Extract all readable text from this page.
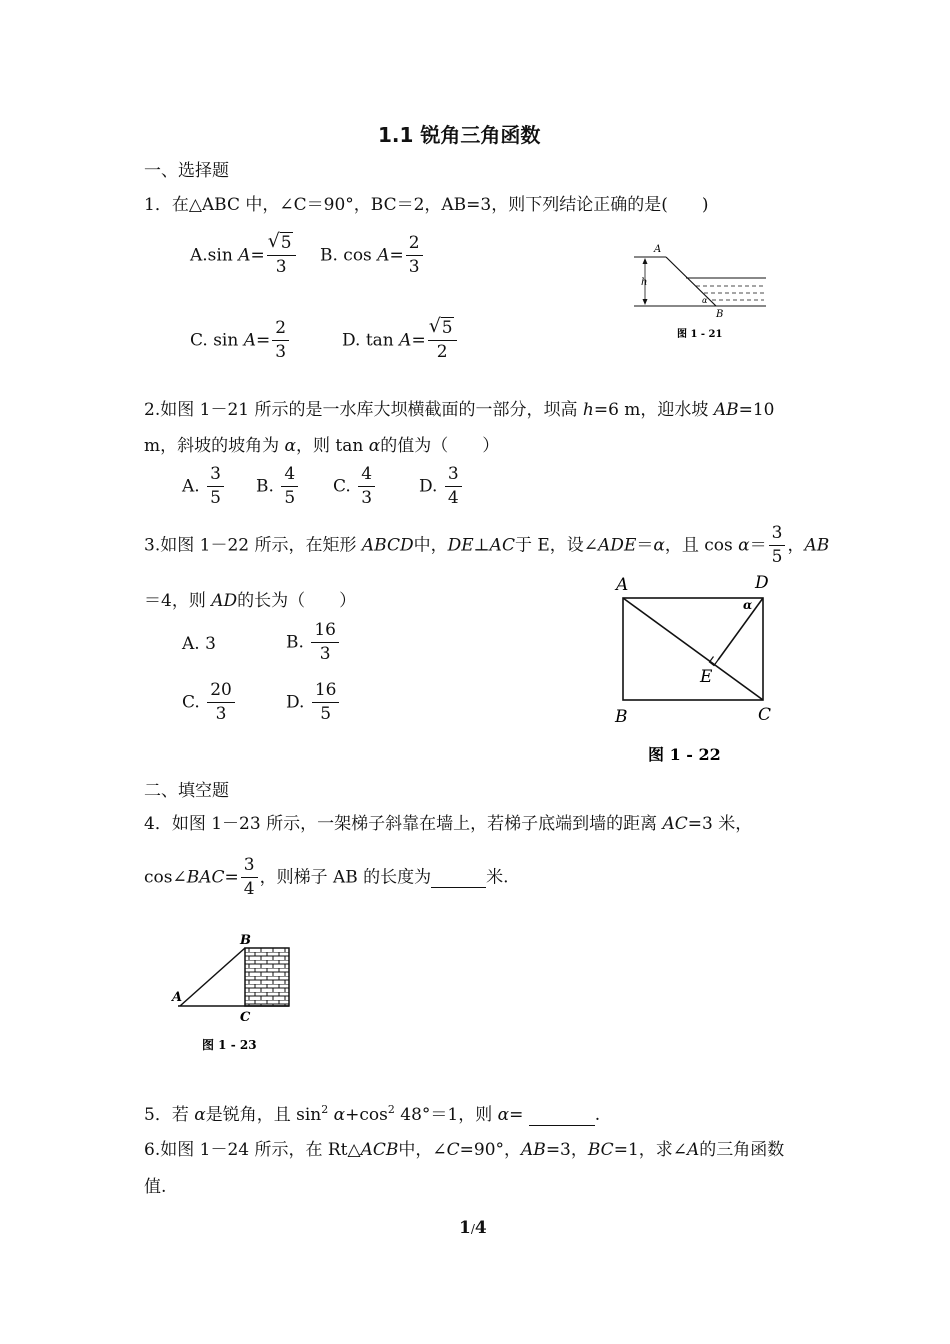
1.1 锐角三角函数
一、选择题
1．在△ABC 中，∠C＝90°，BC＝2，AB=3，则下列结论正确的是(　　)
A.sin A= √ $\frac{5}{3} B$. $\cos A= \frac{2}{3}$
C. $\sin A= \frac{2}{3}$	D. tan A= √ $\frac{5}{2}$
A
h
α
B
图 1 - 21
2.如图 1－21 所示的是一水库大坝横截面的一部分，坝高 h=6 m，迎水坡 AB=10
m，斜坡的坡角为 α，则 tan α的值为（　　）
A. $\frac{3}{5} B$. $\frac{4}{5} C$. $\frac{4}{3}$	D. $\frac{3}{4}$
3.如图 1－22 所示，在矩形 ABCD中，DE⊥AC于 E，设∠ADE＝α，且 $\cos \alpha= \frac{3}{5}$ ，AB
＝4，则 AD的长为（　　）
A. 3	B. $\frac{16}{3}$
C. $\frac{20}{3}$	D. $\frac{16}{5}$
A	D
α
E
B	C
图 1 - 22
二、填空题
4．如图 1－23 所示，一架梯子斜靠在墙上，若梯子底端到墙的距离 AC=3 米，
cos∠BAC= $\frac{3}{4}$ ，则梯子 AB 的长度为	米.
A
B
C
图 1 - 23
5．若 α是锐角，且 $\sin^2 \alpha+\cos^2$ 48°＝1，则 α=	.
6.如图 1－24 所示，在 Rt△ACB中，∠C=90°，AB=3，BC=1，求∠A的三角函数
值.
1/4
